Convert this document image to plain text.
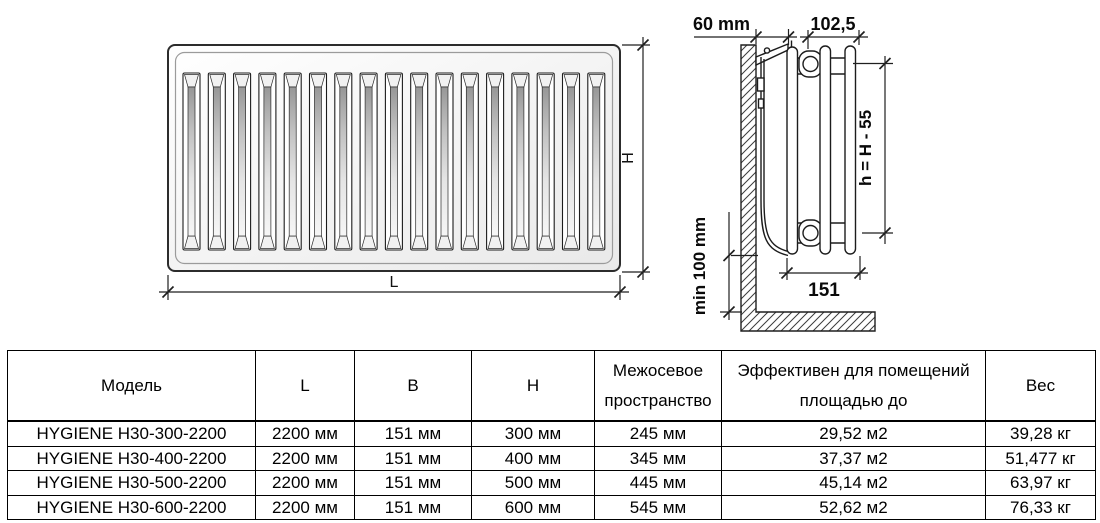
L
H
60 mm	102,5
h = H - 55
min 100 mm	151
Модель	L	B	H	Межосевое пространство	Эффективен для помещений площадью до	Вес
HYGIENE H30-300-2200	2200 мм	151 мм	300 мм	245 мм	29,52 м2	39,28 кг
HYGIENE H30-400-2200	2200 мм	151 мм	400 мм	345 мм	37,37 м2	51,477 кг
HYGIENE H30-500-2200	2200 мм	151 мм	500 мм	445 мм	45,14 м2	63,97 кг
HYGIENE H30-600-2200	2200 мм	151 мм	600 мм	545 мм	52,62 м2	76,33 кг
